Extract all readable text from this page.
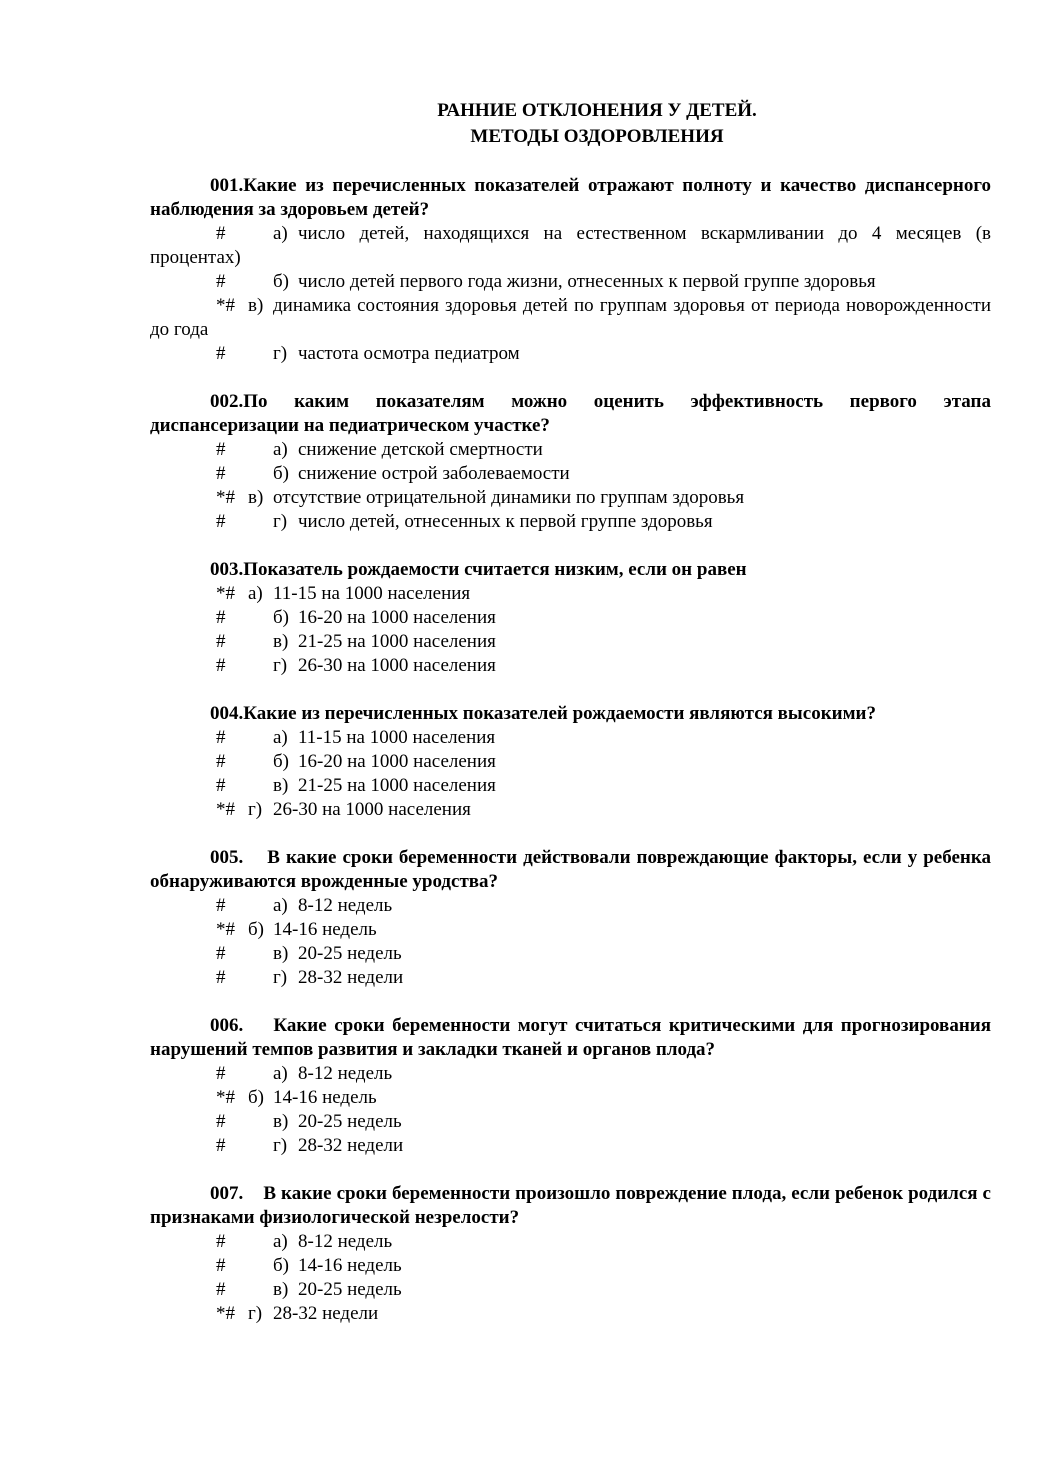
РАННИЕ ОТКЛОНЕНИЯ У ДЕТЕЙ.
МЕТОДЫ ОЗДОРОВЛЕНИЯ
001.Какие из перечисленных показателей отражают полноту и качество диспансерного наблюдения за здоровьем детей?
#	а) число детей, находящихся на естественном вскармливании до 4 месяцев (в процентах)
#	б) число детей первого года жизни, отнесенных к первой группе здоровья
*# в) динамика состояния здоровья детей по группам здоровья от периода новорожденности до года
#	г) частота осмотра педиатром
002.По каким показателям можно оценить эффективность первого этапа диспансеризации на педиатрическом участке?
#	а) снижение детской смертности
#	б) снижение острой заболеваемости
*# в) отсутствие отрицательной динамики по группам здоровья
#	г) число детей, отнесенных к первой группе здоровья
003.Показатель рождаемости считается низким, если он равен
*# а) 11-15 на 1000 населения
#	б) 16-20 на 1000 населения
#	в) 21-25 на 1000 населения
#	г) 26-30 на 1000 населения
004.Какие из перечисленных показателей рождаемости являются высокими?
#	а) 11-15 на 1000 населения
#	б) 16-20 на 1000 населения
#	в) 21-25 на 1000 населения
*# г) 26-30 на 1000 населения
005.    В какие сроки беременности действовали повреждающие факторы, если у ребенка обнаруживаются врожденные уродства?
#	а) 8-12 недель
*# б) 14-16 недель
#	в) 20-25 недель
#	г) 28-32 недели
006.    Какие сроки беременности могут считаться критическими для прогнозирования нарушений темпов развития и закладки тканей и органов плода?
#	а) 8-12 недель
*# б) 14-16 недель
#	в) 20-25 недель
#	г) 28-32 недели
007.    В какие сроки беременности произошло повреждение плода, если ребенок родился с признаками физиологической незрелости?
#	а) 8-12 недель
#	б) 14-16 недель
#	в) 20-25 недель
*# г) 28-32 недели
